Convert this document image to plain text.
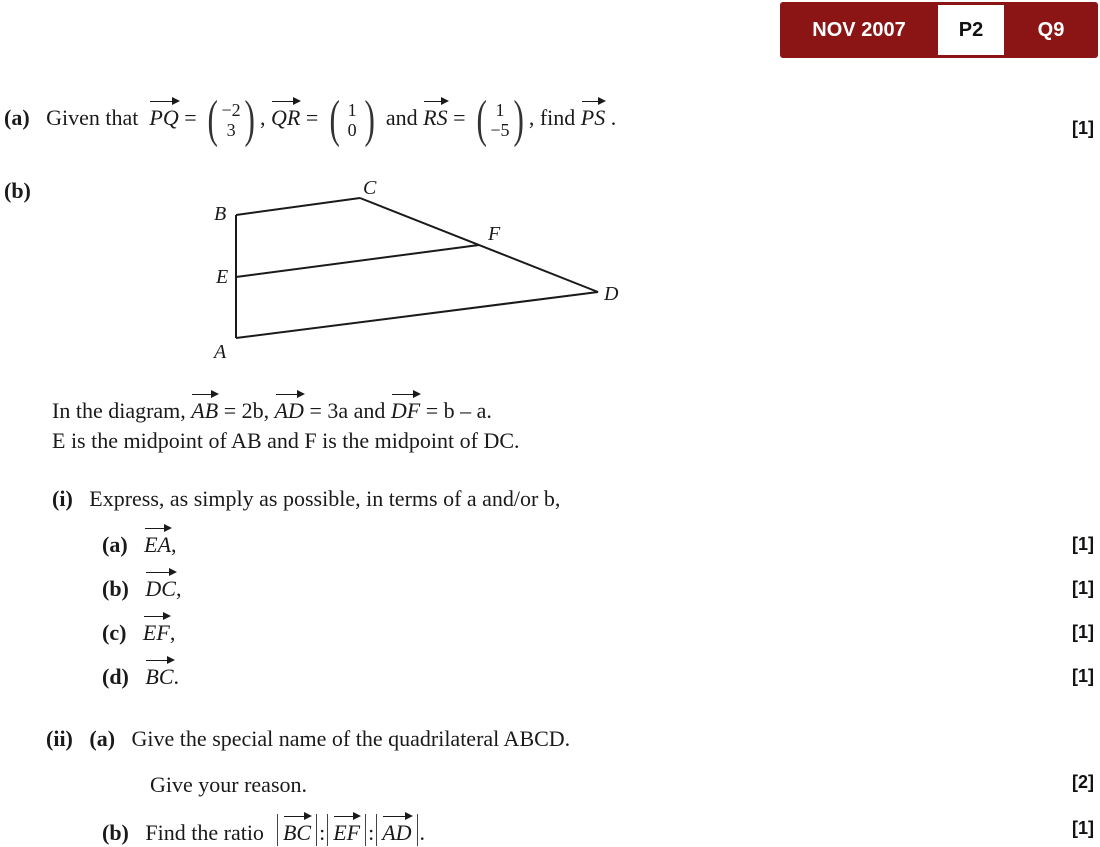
NOV 2007	P2	Q9
(a) Given that PQ = ( −2
3 ) , QR = ( 1
0 ) and RS = ( 1
−5 ) , find PS .	[1]
(b)
B
C
E
F
D
A
In the diagram, AB = 2b, AD = 3a and DF = b – a.
E is the midpoint of AB and F is the midpoint of DC.
(i) Express, as simply as possible, in terms of a and/or b,
(a) EA,	[1]
(b) DC,	[1]
(c) EF,	[1]
(d) BC.	[1]
(ii) (a) Give the special name of the quadrilateral ABCD.
Give your reason.	[2]
(b) Find the ratio BC : EF : AD .	[1]
